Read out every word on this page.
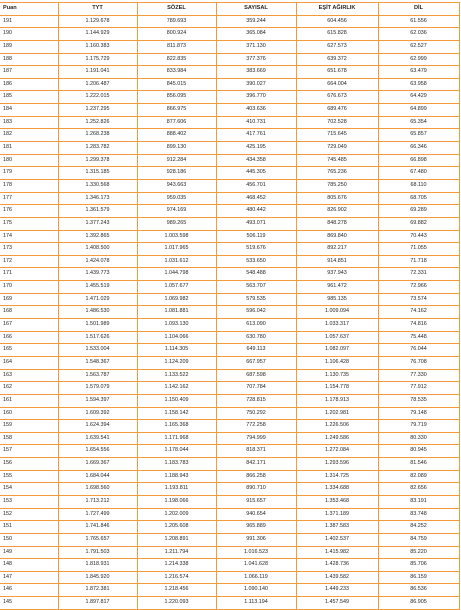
Puan	TYT	SÖZEL	SAYISAL	EŞİT AĞIRLIK	DİL
191	1.129.678	789.693	359.244	604.456	61.556
190	1.144.929	800.924	365.084	615.828	62.036
189	1.160.383	811.873	371.130	627.573	62.527
188	1.175.729	822.835	377.376	639.372	62.999
187	1.191.041	833.984	383.669	651.678	63.479
186	1.206.487	845.015	390.027	664.004	63.958
185	1.222.015	856.095	396.770	676.673	64.429
184	1.237.295	866.975	403.636	689.476	64.899
183	1.252.826	877.606	410.731	702.528	65.354
182	1.268.238	888.402	417.761	715.645	65.857
181	1.283.782	899.130	425.195	729.049	66.346
180	1.299.378	912.284	434.358	745.485	66.898
179	1.315.185	928.186	445.305	765.236	67.480
178	1.330.568	943.663	456.701	785.250	68.110
177	1.346.173	959.035	468.452	805.676	68.705
176	1.361.579	974.169	480.442	826.902	69.289
175	1.377.243	989.265	493.071	848.278	69.882
174	1.392.865	1.003.598	506.119	869.840	70.443
173	1.408.500	1.017.965	519.676	892.217	71.055
172	1.424.078	1.031.612	533.650	914.851	71.718
171	1.439.773	1.044.798	548.488	937.943	72.331
170	1.455.519	1.057.677	563.707	961.472	72.966
169	1.471.029	1.069.982	579.535	985.135	73.574
168	1.486.530	1.081.881	596.042	1.009.094	74.162
167	1.501.989	1.093.130	613.090	1.033.317	74.816
166	1.517.626	1.104.066	630.780	1.057.637	75.448
165	1.533.004	1.114.305	649.113	1.082.097	76.044
164	1.548.367	1.124.209	667.957	1.106.428	76.708
163	1.563.787	1.133.522	687.598	1.130.735	77.330
162	1.579.079	1.142.162	707.784	1.154.778	77.912
161	1.594.397	1.150.409	728.815	1.178.913	78.535
160	1.609.392	1.158.142	750.292	1.202.981	79.148
159	1.624.394	1.165.368	772.258	1.226.506	79.719
158	1.639.541	1.171.968	794.999	1.249.586	80.330
157	1.654.556	1.178.044	818.371	1.272.084	80.945
156	1.669.367	1.183.783	842.171	1.293.596	81.546
155	1.684.044	1.188.943	866.258	1.314.725	82.089
154	1.698.560	1.193.811	890.710	1.334.688	82.656
153	1.713.212	1.198.066	915.657	1.353.468	83.191
152	1.727.499	1.202.009	940.654	1.371.189	83.748
151	1.741.846	1.205.608	965.889	1.387.583	84.252
150	1.765.657	1.208.891	991.306	1.402.537	84.759
149	1.791.503	1.211.794	1.016.523	1.415.982	85.220
148	1.818.931	1.214.338	1.041.628	1.428.736	85.706
147	1.845.920	1.216.574	1.066.119	1.439.582	86.159
146	1.872.381	1.218.456	1.090.140	1.449.233	86.536
145	1.897.817	1.220.093	1.113.194	1.457.549	86.905
